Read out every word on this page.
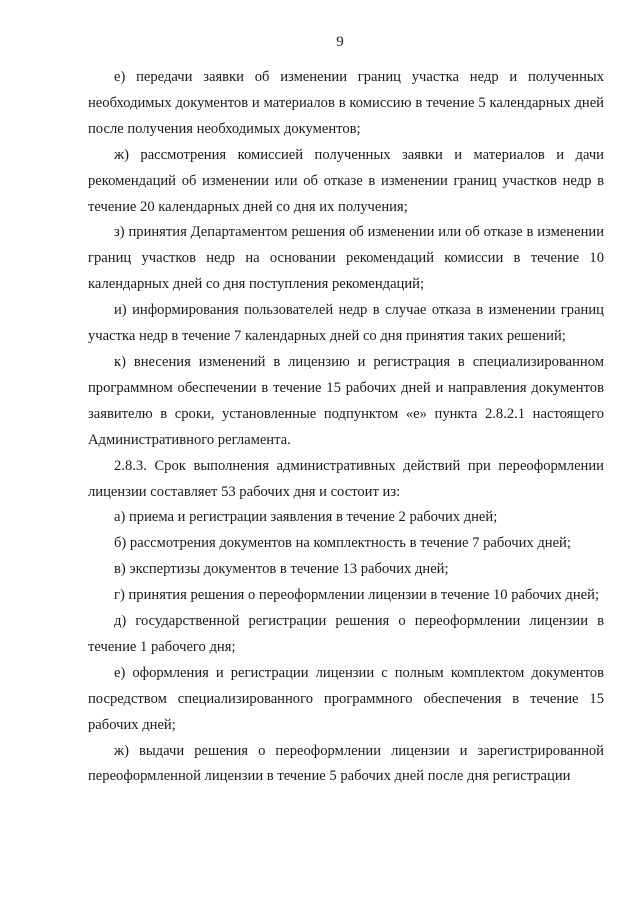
9

е) передачи заявки об изменении границ участка недр и полученных необходимых документов и материалов в комиссию в течение 5 календарных дней после получения необходимых документов;

ж) рассмотрения комиссией полученных заявки и материалов и дачи рекомендаций об изменении или об отказе в изменении границ участков недр в течение 20 календарных дней со дня их получения;

з) принятия Департаментом решения об изменении или об отказе в изменении границ участков недр на основании рекомендаций комиссии в течение 10 календарных дней со дня поступления рекомендаций;

и) информирования пользователей недр в случае отказа в изменении границ участка недр в течение 7 календарных дней со дня принятия таких решений;

к) внесения изменений в лицензию и регистрация в специализированном программном обеспечении в течение 15 рабочих дней и направления документов заявителю в сроки, установленные подпунктом «е» пункта 2.8.2.1 настоящего Административного регламента.

2.8.3. Срок выполнения административных действий при переоформлении лицензии составляет 53 рабочих дня и состоит из:

а) приема и регистрации заявления в течение 2 рабочих дней;

б) рассмотрения документов на комплектность в течение 7 рабочих дней;

в) экспертизы документов в течение 13 рабочих дней;

г) принятия решения о переоформлении лицензии в течение 10 рабочих дней;

д) государственной регистрации решения о переоформлении лицензии в течение 1 рабочего дня;

е) оформления и регистрации лицензии с полным комплектом документов посредством специализированного программного обеспечения в течение 15 рабочих дней;

ж) выдачи решения о переоформлении лицензии и зарегистрированной переоформленной лицензии в течение 5 рабочих дней после дня регистрации
